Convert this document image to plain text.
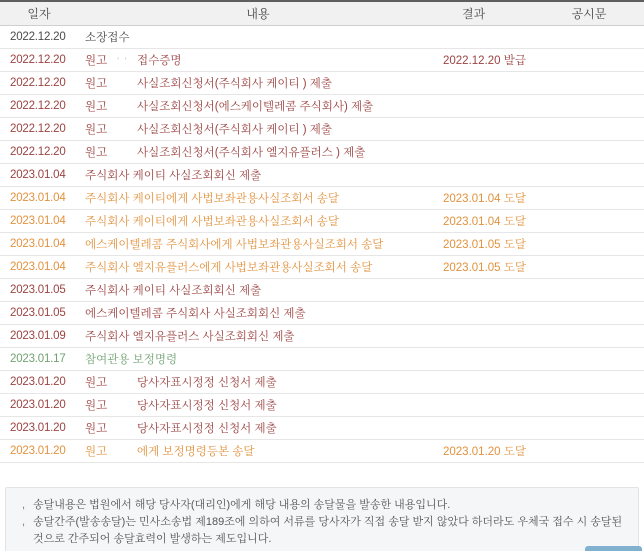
일자	내용	결과	공시문
2022.12.20	소장접수
2022.12.20	원고 ʹʹ 접수증명	2022.12.20 발급
2022.12.20	원고	사실조회신청서(주식회사 케이티 ) 제출
2022.12.20	원고	사실조회신청서(에스케이텔레콤 주식회사) 제출
2022.12.20	원고	사실조회신청서(주식회사 케이티 ) 제출
2022.12.20	원고	사실조회신청서(주식회사 엘지유플러스 ) 제출
2023.01.04	주식회사 케이티 사실조회회신 제출
2023.01.04	주식회사 케이티에게 사법보좌관용사실조회서 송달	2023.01.04 도달
2023.01.04	주식회사 케이티에게 사법보좌관용사실조회서 송달	2023.01.04 도달
2023.01.04	에스케이텔레콤 주식회사에게 사법보좌관용사실조회서 송달	2023.01.05 도달
2023.01.04	주식회사 엘지유플러스에게 사법보좌관용사실조회서 송달	2023.01.05 도달
2023.01.05	주식회사 케이티 사실조회회신 제출
2023.01.05	에스케이텔레콤 주식회사 사실조회회신 제출
2023.01.09	주식회사 엘지유플러스 사실조회회신 제출
2023.01.17	참여관용 보정명령
2023.01.20	원고	당사자표시정정 신청서 제출
2023.01.20	원고	당사자표시정정 신청서 제출
2023.01.20	원고	당사자표시정정 신청서 제출
2023.01.20	원고	에게 보정명령등본 송달	2023.01.20 도달
, 송달내용은 법원에서 해당 당사자(대리인)에게 해당 내용의 송달물을 발송한 내용입니다.
, 송달간주(발송송달)는 민사소송법 제189조에 의하여 서류를 당사자가 직접 송달 받지 않았다 하더라도 우체국 접수 시 송달된 것으로 간주되어 송달효력이 발생하는 제도입니다.
